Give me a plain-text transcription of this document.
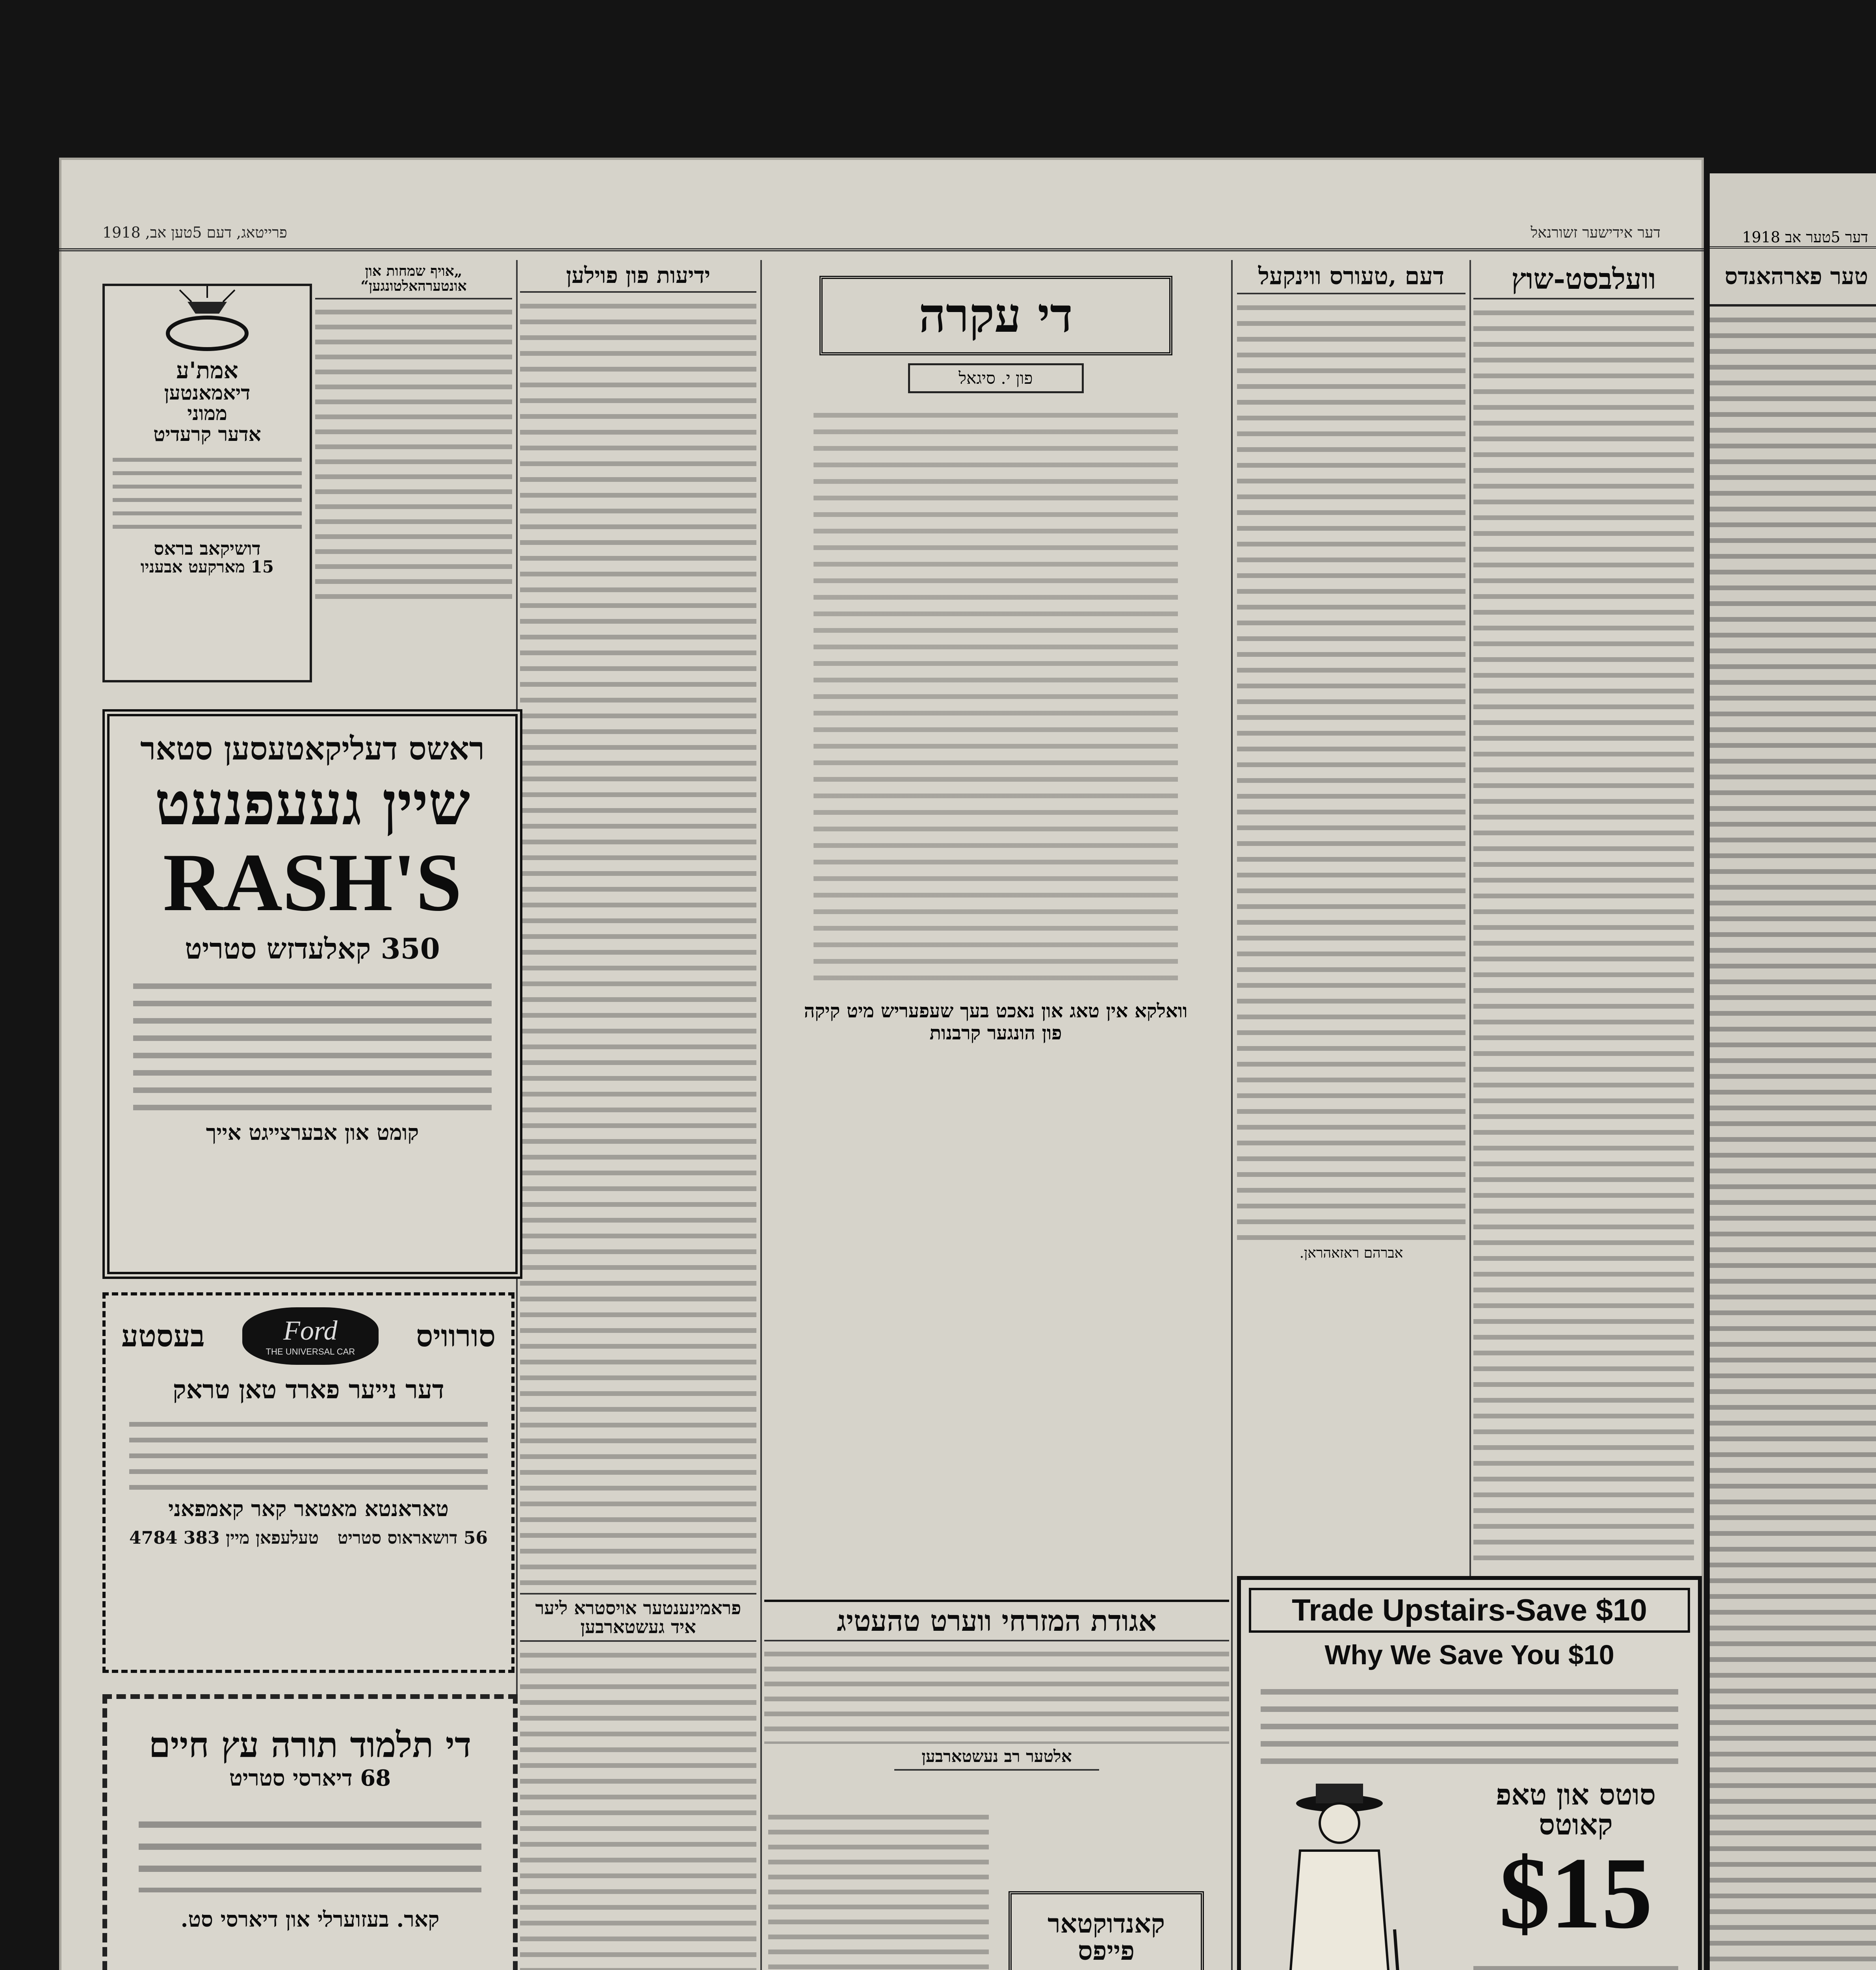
פרייטאג, דעם 5טען אב, 1918	דער אידישער זשורנאל
וועלבסט-שוץ
דעם ‚טעורס ווינקעל
אברהם ראזאהראן.
די עקרה
פון י. סיגאל
וואלקא אין טאג און נאכט בעך שעפעריש מיט קיקה פון הונגער קרבנות
ידיעות פון פוילען
פראמינענטער אויסטרא ליער איד געשטארבען
„אויף שמחות און אונטערהאלטונגען“
אמת'ע
דיאמאנטען
ממוני
אדער קרעדיט
דושיקאב בראס
15 מארקעט אבעניו
ראשס דעליקאטעסען סטאר
שיין געעפנעט
RASH'S
350 קאלעדזש סטריט
קומט און אבערצייגט אייך
סורוויס
Ford
THE UNIVERSAL CAR
בעסטע
דער נייער פארד טאן טראק
טאראנטא מאטאר קאר קאמפאני
56 דושאראוס סטריט
טעלעפאן מיין 383 4784
די תלמוד תורה עץ חיים
68 דיארסי סטריט
קאר. בעזוערלי און דיארסי סט.
אגודת המזרחי ווערט טהעטיג
אלטער רב נעשטארבען
קאנדוקטאר
פייפס
Trade Upstairs-Save $10
Why We Save You $10
סוטס און טאפ קאוטס
$15
דער 5טער אב 1918
טער פארהאנדס
